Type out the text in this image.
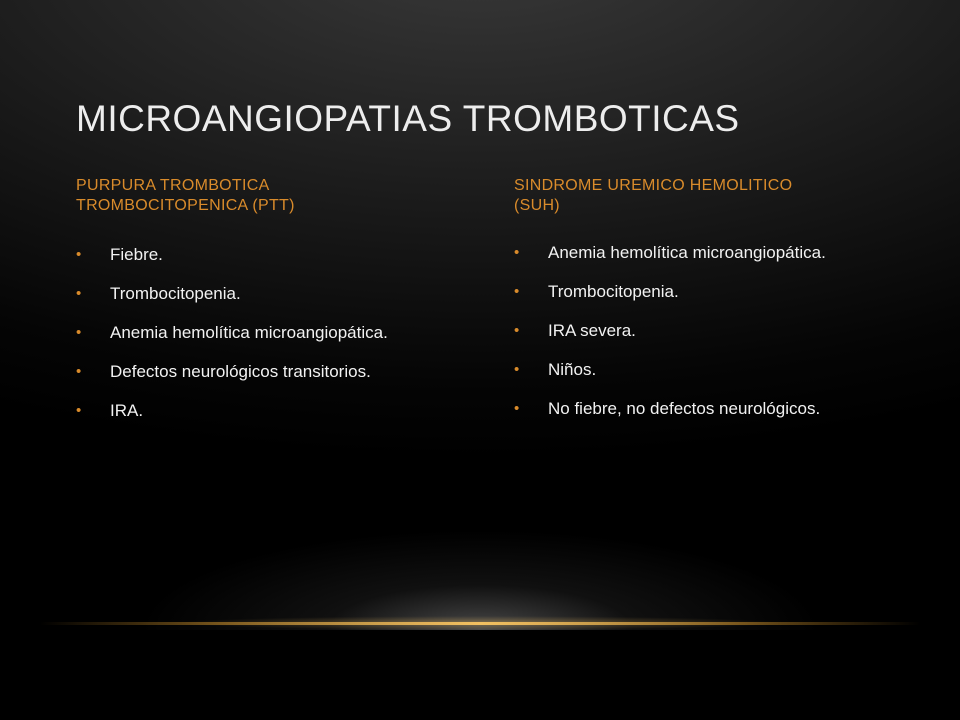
MICROANGIOPATIAS TROMBOTICAS
PURPURA TROMBOTICA
TROMBOCITOPENICA (PTT)
• Fiebre.
• Trombocitopenia.
• Anemia hemolítica microangiopática.
• Defectos neurológicos transitorios.
• IRA.
SINDROME UREMICO HEMOLITICO
(SUH)
• Anemia hemolítica microangiopática.
• Trombocitopenia.
• IRA severa.
• Niños.
• No fiebre, no defectos neurológicos.
